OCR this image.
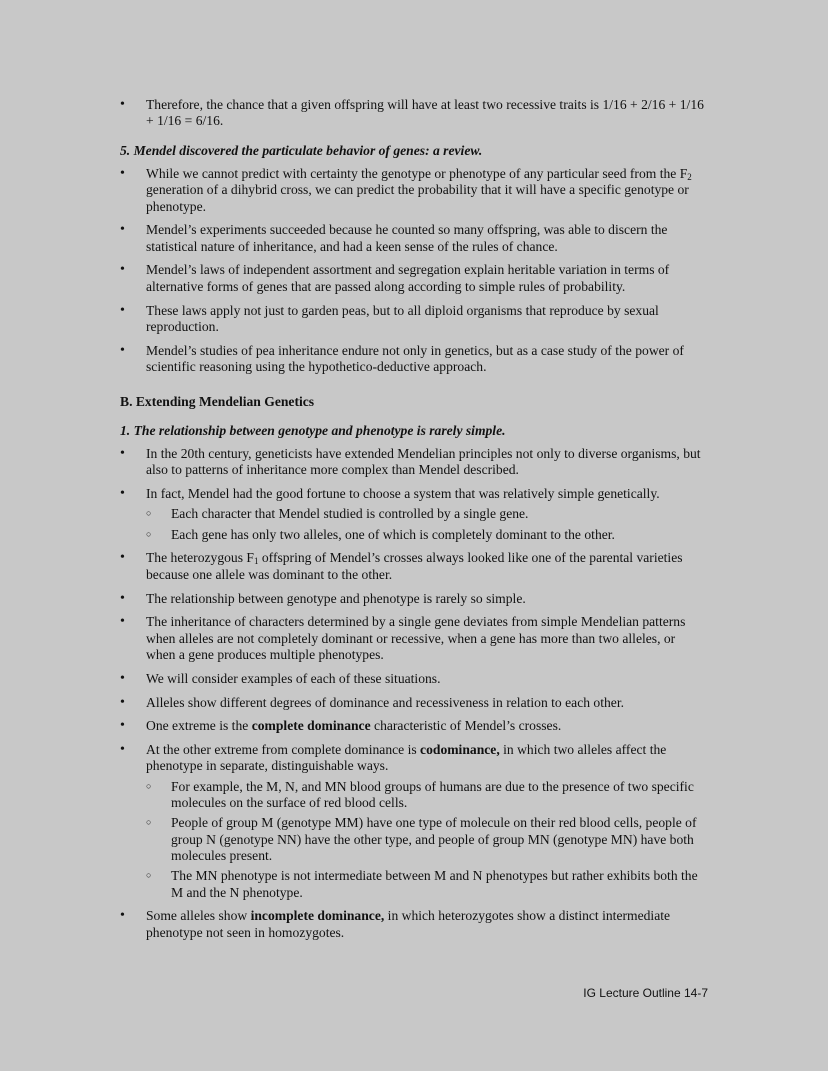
• Therefore, the chance that a given offspring will have at least two recessive traits is 1/16 + 2/16 + 1/16 + 1/16 = 6/16.
5. Mendel discovered the particulate behavior of genes: a review.
• While we cannot predict with certainty the genotype or phenotype of any particular seed from the $F_2$ generation of a dihybrid cross, we can predict the probability that it will have a specific genotype or phenotype.
• Mendel’s experiments succeeded because he counted so many offspring, was able to discern the statistical nature of inheritance, and had a keen sense of the rules of chance.
• Mendel’s laws of independent assortment and segregation explain heritable variation in terms of alternative forms of genes that are passed along according to simple rules of probability.
• These laws apply not just to garden peas, but to all diploid organisms that reproduce by sexual reproduction.
• Mendel’s studies of pea inheritance endure not only in genetics, but as a case study of the power of scientific reasoning using the hypothetico-deductive approach.
B. Extending Mendelian Genetics
1. The relationship between genotype and phenotype is rarely simple.
• In the 20th century, geneticists have extended Mendelian principles not only to diverse organisms, but also to patterns of inheritance more complex than Mendel described.
• In fact, Mendel had the good fortune to choose a system that was relatively simple genetically.
○ Each character that Mendel studied is controlled by a single gene.
○ Each gene has only two alleles, one of which is completely dominant to the other.
• The heterozygous $F_1$ offspring of Mendel’s crosses always looked like one of the parental varieties because one allele was dominant to the other.
• The relationship between genotype and phenotype is rarely so simple.
• The inheritance of characters determined by a single gene deviates from simple Mendelian patterns when alleles are not completely dominant or recessive, when a gene has more than two alleles, or when a gene produces multiple phenotypes.
• We will consider examples of each of these situations.
• Alleles show different degrees of dominance and recessiveness in relation to each other.
• One extreme is the complete dominance characteristic of Mendel’s crosses.
• At the other extreme from complete dominance is codominance, in which two alleles affect the phenotype in separate, distinguishable ways.
○ For example, the M, N, and MN blood groups of humans are due to the presence of two specific molecules on the surface of red blood cells.
○ People of group M (genotype MM) have one type of molecule on their red blood cells, people of group N (genotype NN) have the other type, and people of group MN (genotype MN) have both molecules present.
○ The MN phenotype is not intermediate between M and N phenotypes but rather exhibits both the M and the N phenotype.
• Some alleles show incomplete dominance, in which heterozygotes show a distinct intermediate phenotype not seen in homozygotes.
IG Lecture Outline 14-7
